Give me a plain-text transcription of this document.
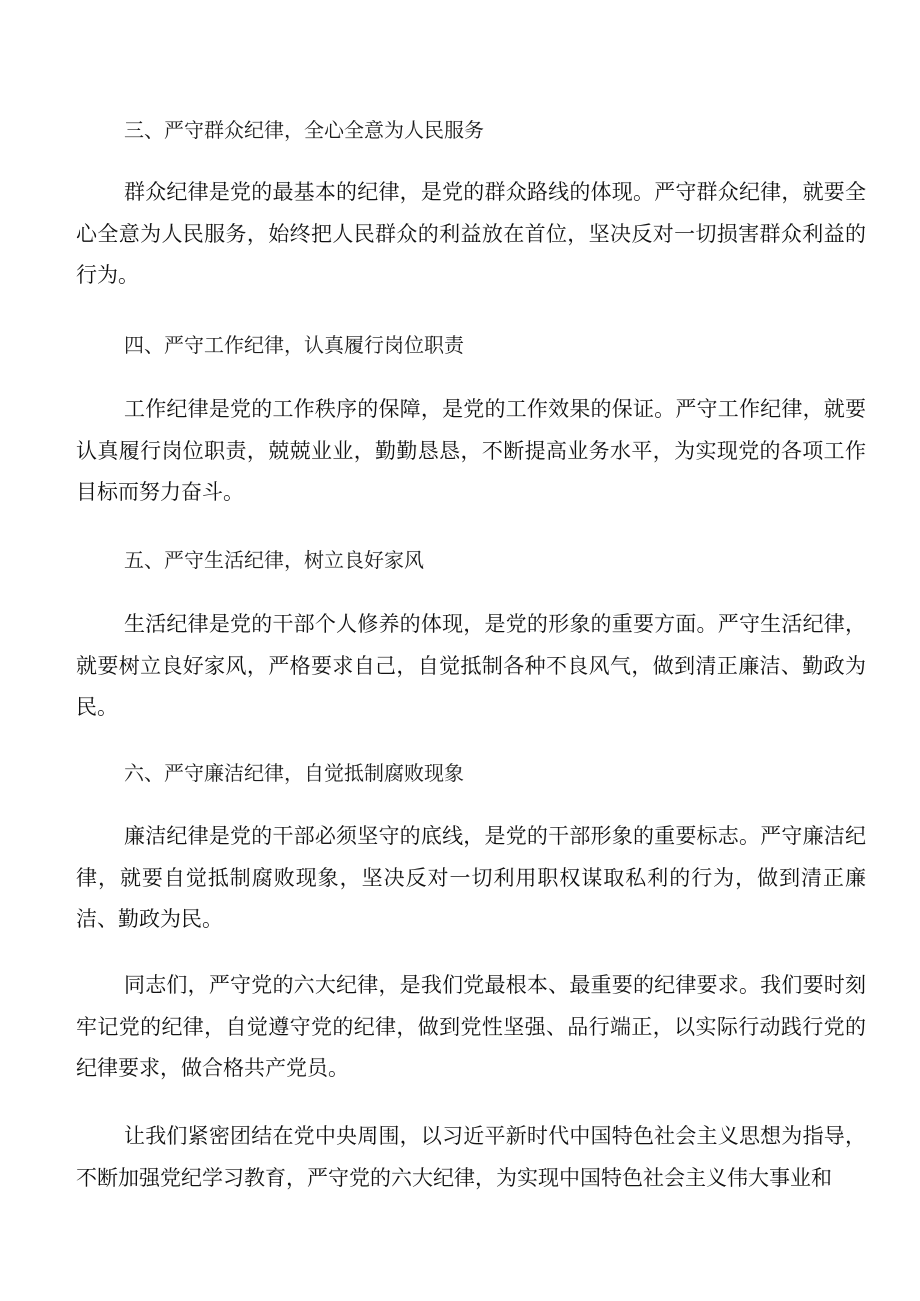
三、严守群众纪律，全心全意为人民服务

群众纪律是党的最基本的纪律，是党的群众路线的体现。严守群众纪律，就要全心全意为人民服务，始终把人民群众的利益放在首位，坚决反对一切损害群众利益的行为。

四、严守工作纪律，认真履行岗位职责

工作纪律是党的工作秩序的保障，是党的工作效果的保证。严守工作纪律，就要认真履行岗位职责，兢兢业业，勤勤恳恳，不断提高业务水平，为实现党的各项工作目标而努力奋斗。

五、严守生活纪律，树立良好家风

生活纪律是党的干部个人修养的体现，是党的形象的重要方面。严守生活纪律，就要树立良好家风，严格要求自己，自觉抵制各种不良风气，做到清正廉洁、勤政为民。

六、严守廉洁纪律，自觉抵制腐败现象

廉洁纪律是党的干部必须坚守的底线，是党的干部形象的重要标志。严守廉洁纪律，就要自觉抵制腐败现象，坚决反对一切利用职权谋取私利的行为，做到清正廉洁、勤政为民。

同志们，严守党的六大纪律，是我们党最根本、最重要的纪律要求。我们要时刻牢记党的纪律，自觉遵守党的纪律，做到党性坚强、品行端正，以实际行动践行党的纪律要求，做合格共产党员。

让我们紧密团结在党中央周围，以习近平新时代中国特色社会主义思想为指导，不断加强党纪学习教育，严守党的六大纪律，为实现中国特色社会主义伟大事业和
